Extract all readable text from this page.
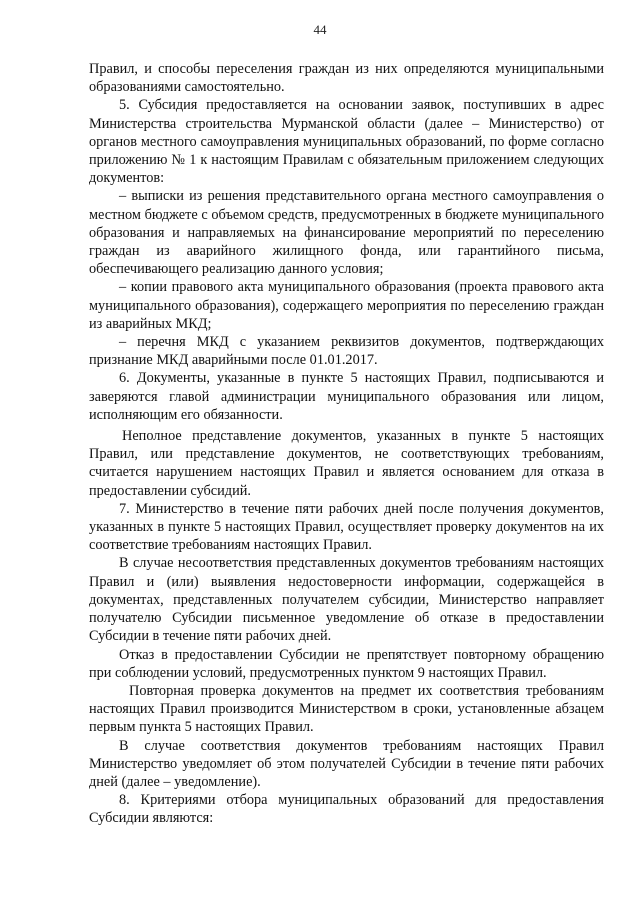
44

Правил, и способы переселения граждан из них определяются муниципальными образованиями самостоятельно.

5. Субсидия предоставляется на основании заявок, поступивших в адрес Министерства строительства Мурманской области (далее – Министерство) от органов местного самоуправления муниципальных образований, по форме согласно приложению № 1 к настоящим Правилам с обязательным приложением следующих документов:

– выписки из решения представительного органа местного самоуправления о местном бюджете с объемом средств, предусмотренных в бюджете муниципального образования и направляемых на финансирование мероприятий по переселению граждан из аварийного жилищного фонда, или гарантийного письма, обеспечивающего реализацию данного условия;

– копии правового акта муниципального образования (проекта правового акта муниципального образования), содержащего мероприятия по переселению граждан из аварийных МКД;

– перечня МКД с указанием реквизитов документов, подтверждающих признание МКД аварийными после 01.01.2017.

6. Документы, указанные в пункте 5 настоящих Правил, подписываются и заверяются главой администрации муниципального образования или лицом, исполняющим его обязанности.

Неполное представление документов, указанных в пункте 5 настоящих Правил, или представление документов, не соответствующих требованиям, считается нарушением настоящих Правил и является основанием для отказа в предоставлении субсидий.

7. Министерство в течение пяти рабочих дней после получения документов, указанных в пункте 5 настоящих Правил, осуществляет проверку документов на их соответствие требованиям настоящих Правил.

В случае несоответствия представленных документов требованиям настоящих Правил и (или) выявления недостоверности информации, содержащейся в документах, представленных получателем субсидии, Министерство направляет получателю Субсидии письменное уведомление об отказе в предоставлении Субсидии в течение пяти рабочих дней.

Отказ в предоставлении Субсидии не препятствует повторному обращению при соблюдении условий, предусмотренных пунктом 9 настоящих Правил.

Повторная проверка документов на предмет их соответствия требованиям настоящих Правил производится Министерством в сроки, установленные абзацем первым пункта 5 настоящих Правил.

В случае соответствия документов требованиям настоящих Правил Министерство уведомляет об этом получателей Субсидии в течение пяти рабочих дней (далее – уведомление).

8. Критериями отбора муниципальных образований для предоставления Субсидии являются:
